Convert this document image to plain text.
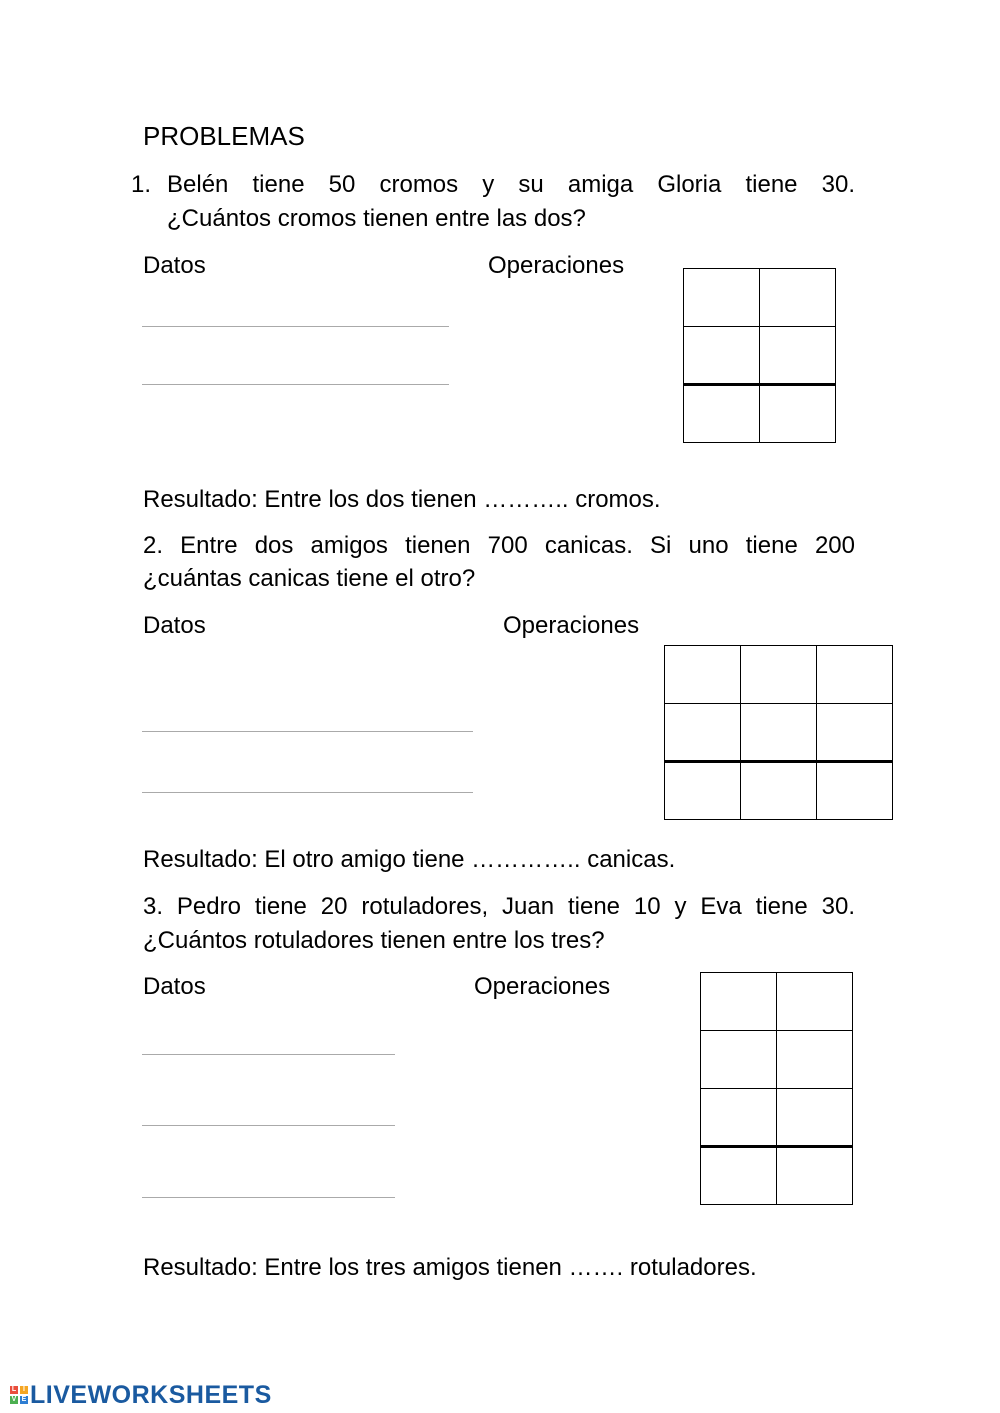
PROBLEMAS
1. Belén tiene 50 cromos y su amiga Gloria tiene 30.
¿Cuántos cromos tienen entre las dos?
Datos	Operaciones

Resultado: Entre los dos tienen ……….. cromos.
2. Entre dos amigos tienen 700 canicas. Si uno tiene 200
¿cuántas canicas tiene el otro?
Datos	Operaciones

Resultado: El otro amigo tiene ………….. canicas.
3. Pedro tiene 20 rotuladores, Juan tiene 10 y Eva tiene 30.
¿Cuántos rotuladores tienen entre los tres?
Datos	Operaciones

Resultado: Entre los tres amigos tienen ……. rotuladores.
L I
V E LIVEWORKSHEETS
